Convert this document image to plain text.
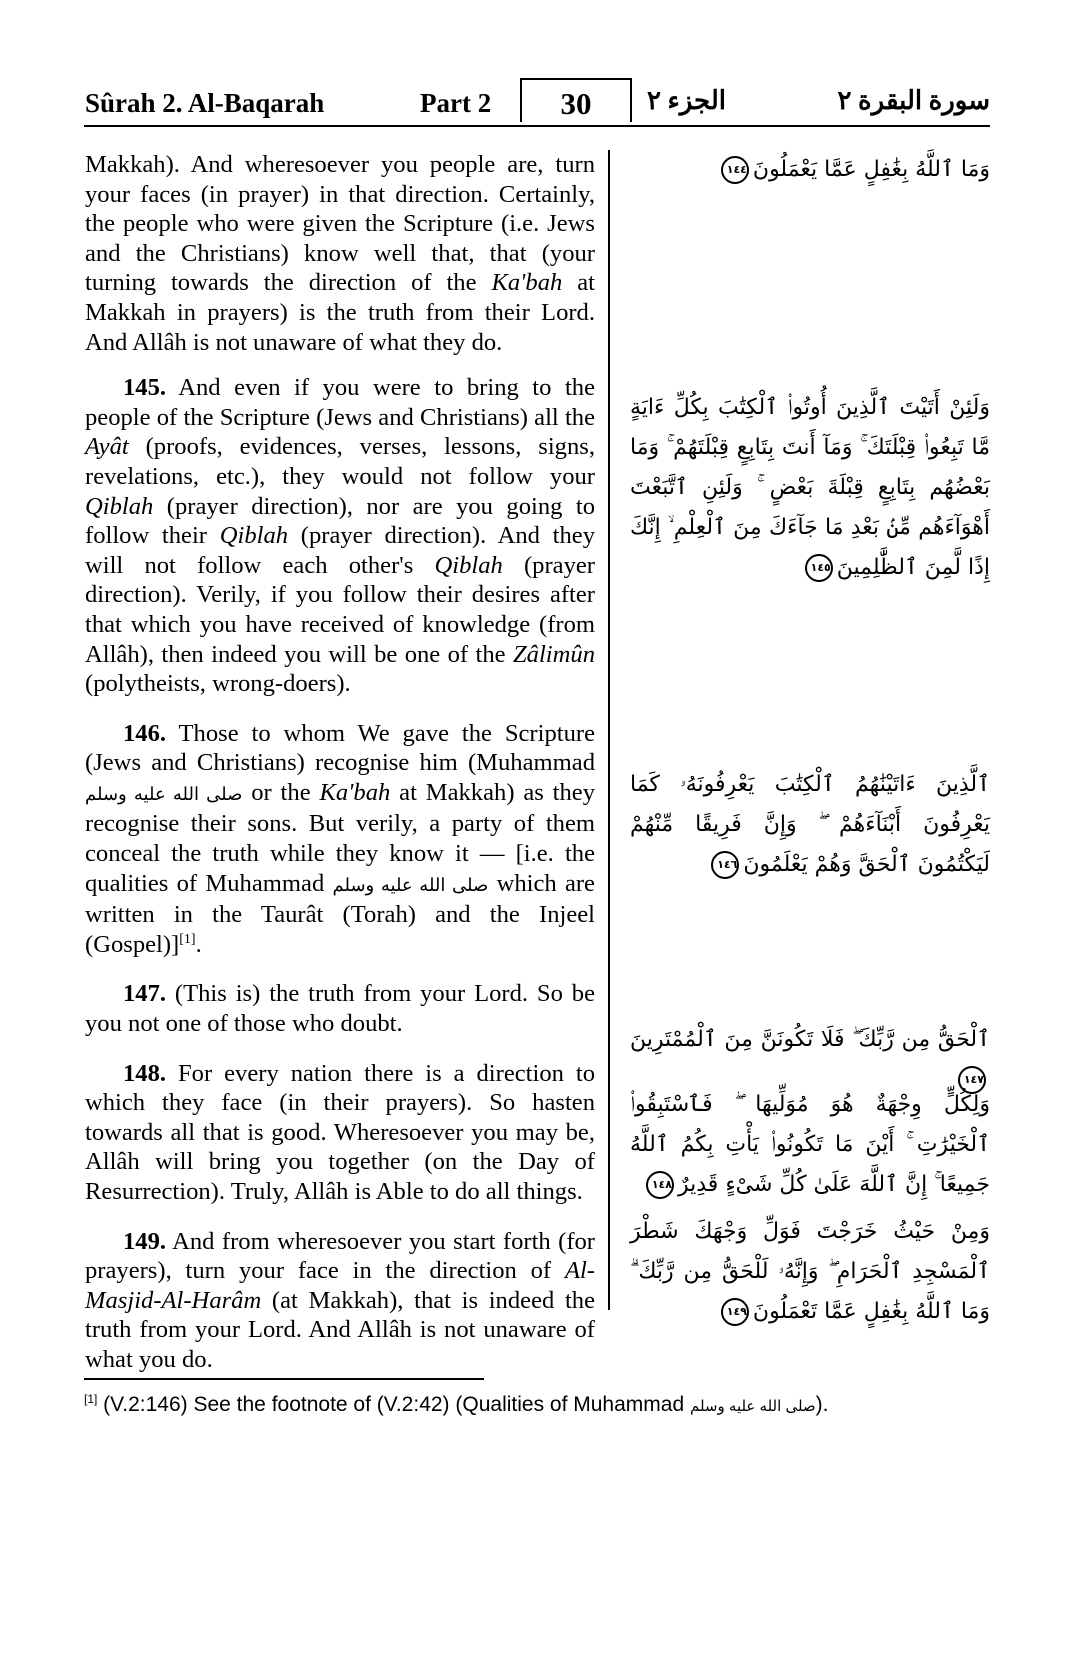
Sûrah 2. Al-Baqarah	Part 2	30	الجزء ٢	سورة البقرة ٢

Makkah). And wheresoever you people are, turn your faces (in prayer) in that direction. Certainly, the people who were given the Scripture (i.e. Jews and the Christians) know well that, that (your turning towards the direction of the Ka'bah at Makkah in prayers) is the truth from their Lord. And Allâh is not unaware of what they do.

145. And even if you were to bring to the people of the Scripture (Jews and Christians) all the Ayât (proofs, evidences, verses, lessons, signs, revelations, etc.), they would not follow your Qiblah (prayer direction), nor are you going to follow their Qiblah (prayer direction). And they will not follow each other's Qiblah (prayer direction). Verily, if you follow their desires after that which you have received of knowledge (from Allâh), then indeed you will be one of the Zâlimûn (polytheists, wrong-doers).

146. Those to whom We gave the Scripture (Jews and Christians) recognise him (Muhammad صلى الله عليه وسلم or the Ka'bah at Makkah) as they recognise their sons. But verily, a party of them conceal the truth while they know it — [i.e. the qualities of Muhammad صلى الله عليه وسلم which are written in the Taurât (Torah) and the Injeel (Gospel)][1].

147. (This is) the truth from your Lord. So be you not one of those who doubt.

148. For every nation there is a direction to which they face (in their prayers). So hasten towards all that is good. Wheresoever you may be, Allâh will bring you together (on the Day of Resurrection). Truly, Allâh is Able to do all things.

149. And from wheresoever you start forth (for prayers), turn your face in the direction of Al-Masjid-Al-Harâm (at Makkah), that is indeed the truth from your Lord. And Allâh is not unaware of what you do.

وَمَا ٱللَّهُ بِغَٰفِلٍ عَمَّا يَعْمَلُونَ١٤٤
وَلَئِنْ أَتَيْتَ ٱلَّذِينَ أُوتُوا۟ ٱلْكِتَٰبَ بِكُلِّ ءَايَةٍ مَّا تَبِعُوا۟ قِبْلَتَكَ ۚ وَمَآ أَنتَ بِتَابِعٍ قِبْلَتَهُمْ ۚ وَمَا بَعْضُهُم بِتَابِعٍ قِبْلَةَ بَعْضٍ ۚ وَلَئِنِ ٱتَّبَعْتَ أَهْوَآءَهُم مِّنۢ بَعْدِ مَا جَآءَكَ مِنَ ٱلْعِلْمِ ۙ إِنَّكَ إِذًا لَّمِنَ ٱلظَّٰلِمِينَ١٤٥
ٱلَّذِينَ ءَاتَيْنَٰهُمُ ٱلْكِتَٰبَ يَعْرِفُونَهُۥ كَمَا يَعْرِفُونَ أَبْنَآءَهُمْ ۖ وَإِنَّ فَرِيقًا مِّنْهُمْ لَيَكْتُمُونَ ٱلْحَقَّ وَهُمْ يَعْلَمُونَ١٤٦
ٱلْحَقُّ مِن رَّبِّكَ ۖ فَلَا تَكُونَنَّ مِنَ ٱلْمُمْتَرِينَ١٤٧
وَلِكُلٍّ وِجْهَةٌ هُوَ مُوَلِّيهَا ۖ فَٱسْتَبِقُوا۟ ٱلْخَيْرَٰتِ ۚ أَيْنَ مَا تَكُونُوا۟ يَأْتِ بِكُمُ ٱللَّهُ جَمِيعًا ۚ إِنَّ ٱللَّهَ عَلَىٰ كُلِّ شَىْءٍ قَدِيرٌ١٤٨
وَمِنْ حَيْثُ خَرَجْتَ فَوَلِّ وَجْهَكَ شَطْرَ ٱلْمَسْجِدِ ٱلْحَرَامِ ۖ وَإِنَّهُۥ لَلْحَقُّ مِن رَّبِّكَ ۗ وَمَا ٱللَّهُ بِغَٰفِلٍ عَمَّا تَعْمَلُونَ١٤٩
[1] (V.2:146) See the footnote of (V.2:42) (Qualities of Muhammad صلى الله عليه وسلم).
